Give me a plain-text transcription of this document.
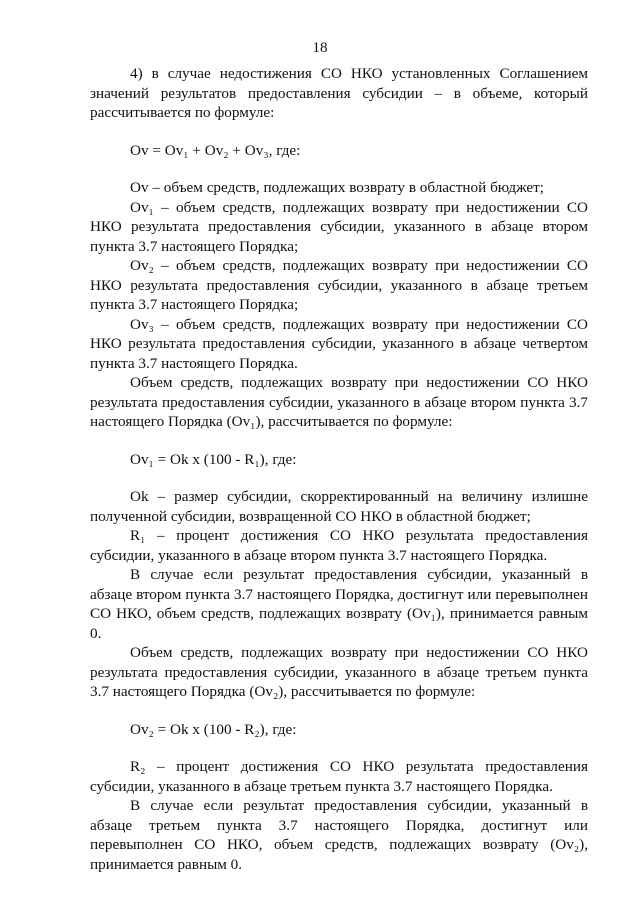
18

4) в случае недостижения СО НКО установленных Соглашением значений результатов предоставления субсидии – в объеме, который рассчитывается по формуле:

Ov = Ov₁ + Ov₂ + Ov₃, где:

Ov – объем средств, подлежащих возврату в областной бюджет;

Ov₁ – объем средств, подлежащих возврату при недостижении СО НКО результата предоставления субсидии, указанного в абзаце втором пункта 3.7 настоящего Порядка;

Ov₂ – объем средств, подлежащих возврату при недостижении СО НКО результата предоставления субсидии, указанного в абзаце третьем пункта 3.7 настоящего Порядка;

Ov₃ – объем средств, подлежащих возврату при недостижении СО НКО результата предоставления субсидии, указанного в абзаце четвертом пункта 3.7 настоящего Порядка.

Объем средств, подлежащих возврату при недостижении СО НКО результата предоставления субсидии, указанного в абзаце втором пункта 3.7 настоящего Порядка (Ov₁), рассчитывается по формуле:

Ov₁ = Ok x (100 - R₁), где:

Ok – размер субсидии, скорректированный на величину излишне полученной субсидии, возвращенной СО НКО в областной бюджет;

R₁ – процент достижения СО НКО результата предоставления субсидии, указанного в абзаце втором пункта 3.7 настоящего Порядка.

В случае если результат предоставления субсидии, указанный в абзаце втором пункта 3.7 настоящего Порядка, достигнут или перевыполнен СО НКО, объем средств, подлежащих возврату (Ov₁), принимается равным 0.

Объем средств, подлежащих возврату при недостижении СО НКО результата предоставления субсидии, указанного в абзаце третьем пункта 3.7 настоящего Порядка (Ov₂), рассчитывается по формуле:

Ov₂ = Ok x (100 - R₂), где:

R₂ – процент достижения СО НКО результата предоставления субсидии, указанного в абзаце третьем пункта 3.7 настоящего Порядка.

В случае если результат предоставления субсидии, указанный в абзаце третьем пункта 3.7 настоящего Порядка, достигнут или перевыполнен СО НКО, объем средств, подлежащих возврату (Ov₂), принимается равным 0.
